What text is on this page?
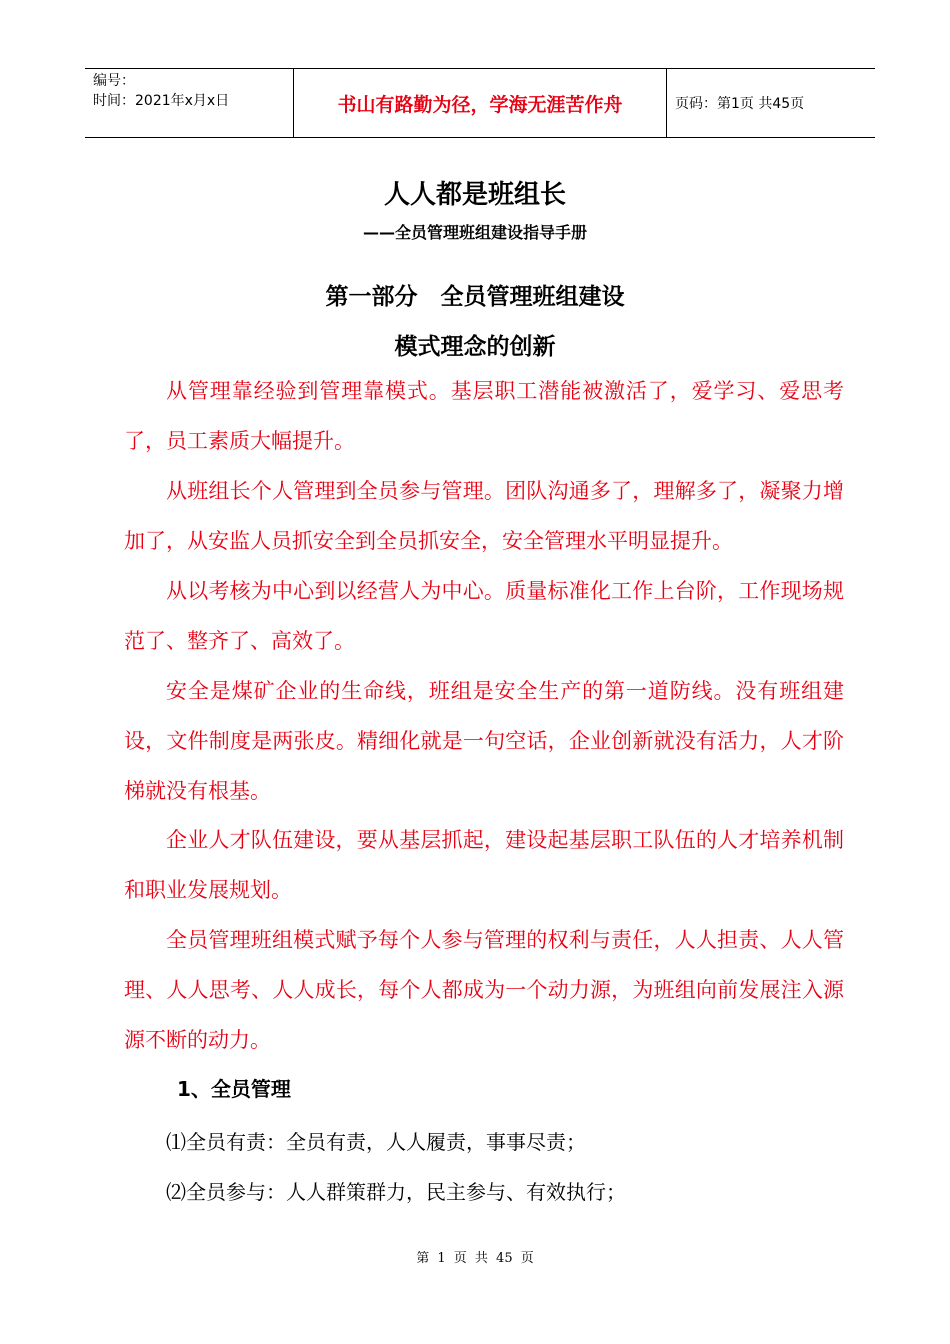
编号：
时间：2021年x月x日	书山有路勤为径，学海无涯苦作舟	页码：第1页 共45页
人人都是班组长
——全员管理班组建设指导手册
第一部分　全员管理班组建设
模式理念的创新
从管理靠经验到管理靠模式。基层职工潜能被激活了，爱学习、爱思考了，员工素质大幅提升。
从班组长个人管理到全员参与管理。团队沟通多了，理解多了，凝聚力增加了，从安监人员抓安全到全员抓安全，安全管理水平明显提升。
从以考核为中心到以经营人为中心。质量标准化工作上台阶，工作现场规范了、整齐了、高效了。
安全是煤矿企业的生命线，班组是安全生产的第一道防线。没有班组建设，文件制度是两张皮。精细化就是一句空话，企业创新就没有活力，人才阶梯就没有根基。
企业人才队伍建设，要从基层抓起，建设起基层职工队伍的人才培养机制和职业发展规划。
全员管理班组模式赋予每个人参与管理的权利与责任，人人担责、人人管理、人人思考、人人成长，每个人都成为一个动力源，为班组向前发展注入源源不断的动力。
1、全员管理
⑴全员有责：全员有责，人人履责，事事尽责；
⑵全员参与：人人群策群力，民主参与、有效执行；
第 1 页 共 45 页
